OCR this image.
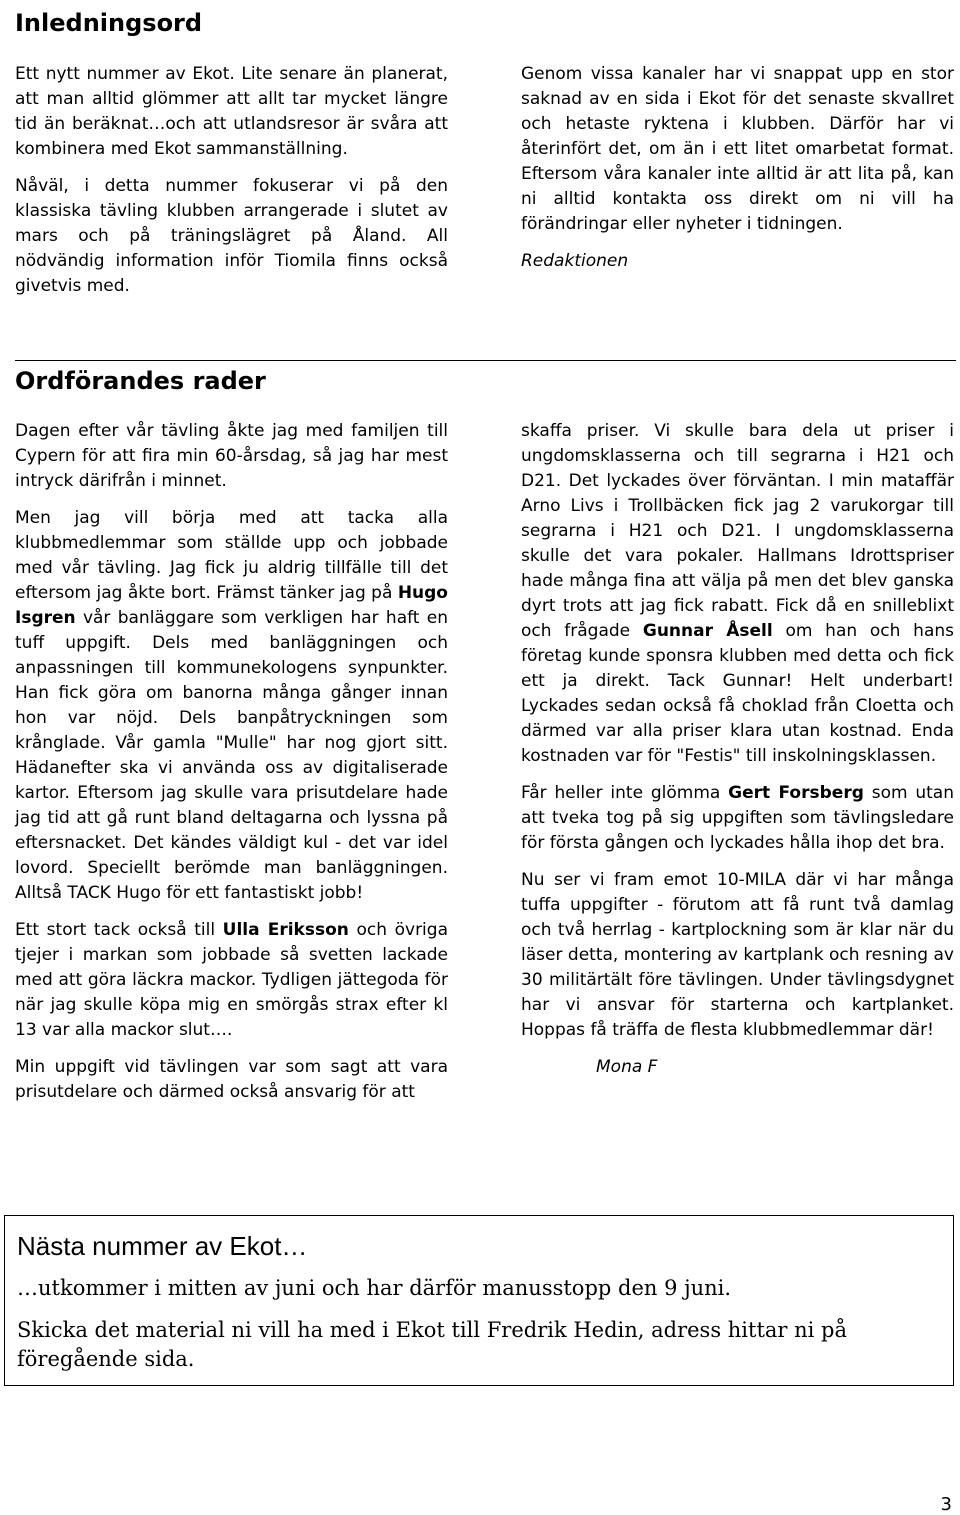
Inledningsord

Ett nytt nummer av Ekot. Lite senare än planerat, att man alltid glömmer att allt tar mycket längre tid än beräknat…och att utlandsresor är svåra att kombinera med Ekot sammanställning.

Nåväl, i detta nummer fokuserar vi på den klassiska tävling klubben arrangerade i slutet av mars och på träningslägret på Åland. All nödvändig information inför Tiomila finns också givetvis med.

Genom vissa kanaler har vi snappat upp en stor saknad av en sida i Ekot för det senaste skvallret och hetaste ryktena i klubben. Därför har vi återinfört det, om än i ett litet omarbetat format. Eftersom våra kanaler inte alltid är att lita på, kan ni alltid kontakta oss direkt om ni vill ha förändringar eller nyheter i tidningen.

Redaktionen

Ordförandes rader

Dagen efter vår tävling åkte jag med familjen till Cypern för att fira min 60-årsdag, så jag har mest intryck därifrån i minnet.

Men jag vill börja med att tacka alla klubbmedlemmar som ställde upp och jobbade med vår tävling. Jag fick ju aldrig tillfälle till det eftersom jag åkte bort. Främst tänker jag på Hugo Isgren vår banläggare som verkligen har haft en tuff uppgift. Dels med banläggningen och anpassningen till kommunekologens synpunkter. Han fick göra om banorna många gånger innan hon var nöjd. Dels banpåtryckningen som krånglade. Vår gamla "Mulle" har nog gjort sitt. Hädanefter ska vi använda oss av digitaliserade kartor. Eftersom jag skulle vara prisutdelare hade jag tid att gå runt bland deltagarna och lyssna på eftersnacket. Det kändes väldigt kul - det var idel lovord. Speciellt berömde man banläggningen. Alltså TACK Hugo för ett fantastiskt jobb!

Ett stort tack också till Ulla Eriksson och övriga tjejer i markan som jobbade så svetten lackade med att göra läckra mackor. Tydligen jättegoda för när jag skulle köpa mig en smörgås strax efter kl 13 var alla mackor slut….

Min uppgift vid tävlingen var som sagt att vara prisutdelare och därmed också ansvarig för att

skaffa priser. Vi skulle bara dela ut priser i ungdomsklasserna och till segrarna i H21 och D21. Det lyckades över förväntan. I min mataffär Arno Livs i Trollbäcken fick jag 2 varukorgar till segrarna i H21 och D21. I ungdomsklasserna skulle det vara pokaler. Hallmans Idrottspriser hade många fina att välja på men det blev ganska dyrt trots att jag fick rabatt. Fick då en snilleblixt och frågade Gunnar Åsell om han och hans företag kunde sponsra klubben med detta och fick ett ja direkt. Tack Gunnar! Helt underbart! Lyckades sedan också få choklad från Cloetta och därmed var alla priser klara utan kostnad. Enda kostnaden var för "Festis" till inskolningsklassen.

Får heller inte glömma Gert Forsberg som utan att tveka tog på sig uppgiften som tävlingsledare för första gången och lyckades hålla ihop det bra.

Nu ser vi fram emot 10-MILA där vi har många tuffa uppgifter - förutom att få runt två damlag och två herrlag - kartplockning som är klar när du läser detta, montering av kartplank och resning av 30 militärtält före tävlingen. Under tävlingsdygnet har vi ansvar för starterna och kartplanket. Hoppas få träffa de flesta klubbmedlemmar där!

Mona F

Nästa nummer av Ekot…
…utkommer i mitten av juni och har därför manusstopp den 9 juni.
Skicka det material ni vill ha med i Ekot till Fredrik Hedin, adress hittar ni på föregående sida.
3
